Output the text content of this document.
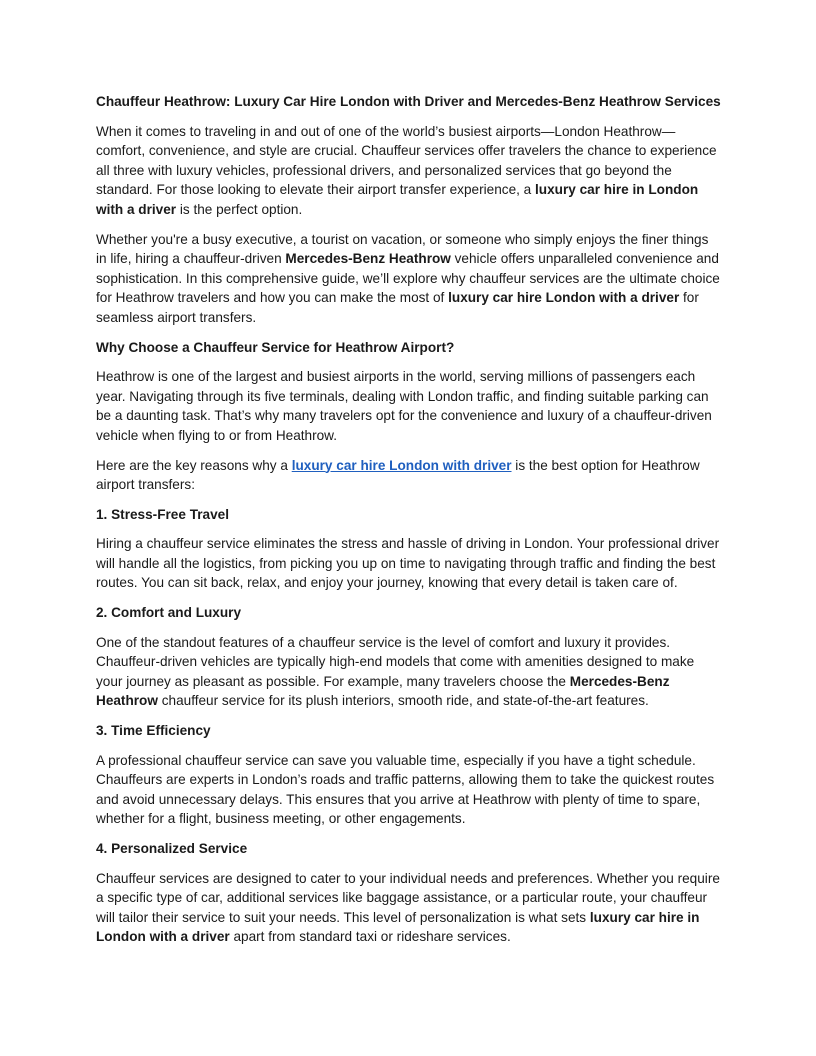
Chauffeur Heathrow: Luxury Car Hire London with Driver and Mercedes-Benz Heathrow Services

When it comes to traveling in and out of one of the world’s busiest airports—London Heathrow—comfort, convenience, and style are crucial. Chauffeur services offer travelers the chance to experience all three with luxury vehicles, professional drivers, and personalized services that go beyond the standard. For those looking to elevate their airport transfer experience, a luxury car hire in London with a driver is the perfect option.

Whether you're a busy executive, a tourist on vacation, or someone who simply enjoys the finer things in life, hiring a chauffeur-driven Mercedes-Benz Heathrow vehicle offers unparalleled convenience and sophistication. In this comprehensive guide, we’ll explore why chauffeur services are the ultimate choice for Heathrow travelers and how you can make the most of luxury car hire London with a driver for seamless airport transfers.

Why Choose a Chauffeur Service for Heathrow Airport?

Heathrow is one of the largest and busiest airports in the world, serving millions of passengers each year. Navigating through its five terminals, dealing with London traffic, and finding suitable parking can be a daunting task. That’s why many travelers opt for the convenience and luxury of a chauffeur-driven vehicle when flying to or from Heathrow.

Here are the key reasons why a luxury car hire London with driver is the best option for Heathrow airport transfers:

1. Stress-Free Travel

Hiring a chauffeur service eliminates the stress and hassle of driving in London. Your professional driver will handle all the logistics, from picking you up on time to navigating through traffic and finding the best routes. You can sit back, relax, and enjoy your journey, knowing that every detail is taken care of.

2. Comfort and Luxury

One of the standout features of a chauffeur service is the level of comfort and luxury it provides. Chauffeur-driven vehicles are typically high-end models that come with amenities designed to make your journey as pleasant as possible. For example, many travelers choose the Mercedes-Benz Heathrow chauffeur service for its plush interiors, smooth ride, and state-of-the-art features.

3. Time Efficiency

A professional chauffeur service can save you valuable time, especially if you have a tight schedule. Chauffeurs are experts in London’s roads and traffic patterns, allowing them to take the quickest routes and avoid unnecessary delays. This ensures that you arrive at Heathrow with plenty of time to spare, whether for a flight, business meeting, or other engagements.

4. Personalized Service

Chauffeur services are designed to cater to your individual needs and preferences. Whether you require a specific type of car, additional services like baggage assistance, or a particular route, your chauffeur will tailor their service to suit your needs. This level of personalization is what sets luxury car hire in London with a driver apart from standard taxi or rideshare services.
